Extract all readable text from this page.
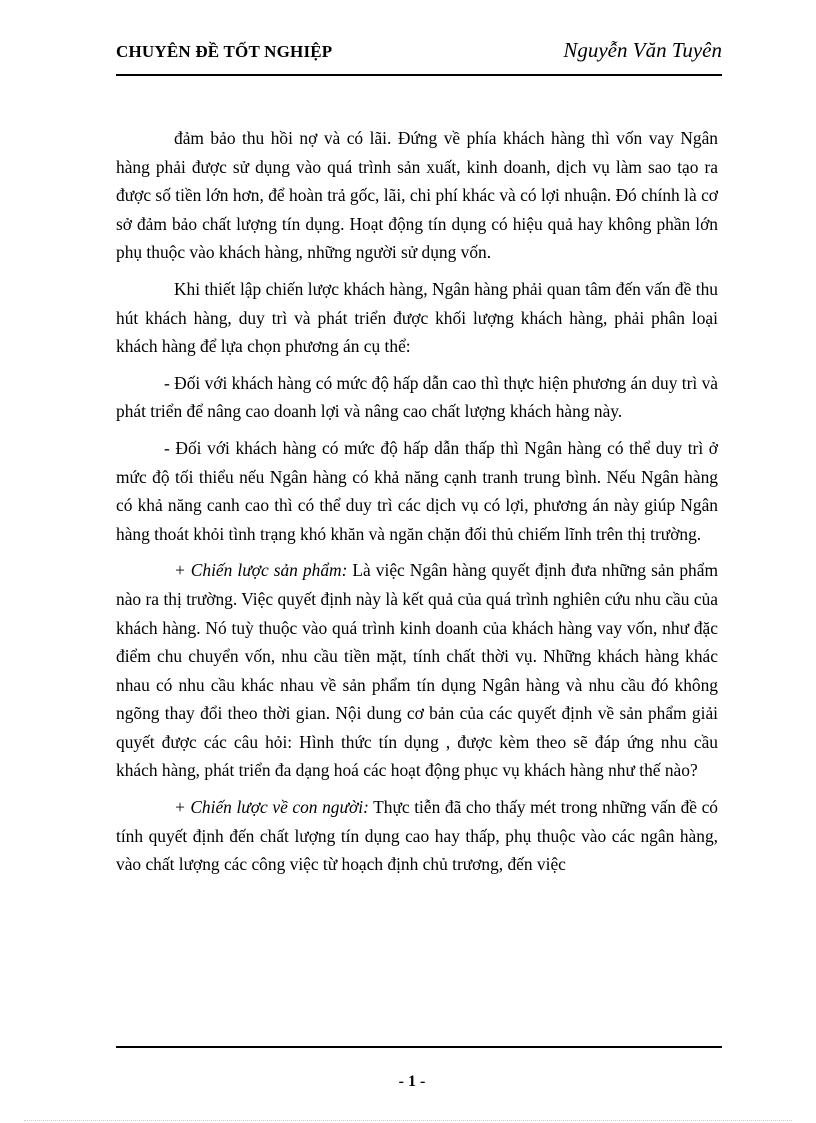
CHUYÊN ĐỀ TỐT NGHIỆP	Nguyễn Văn Tuyên

đảm bảo thu hồi nợ và có lãi. Đứng về phía khách hàng thì vốn vay Ngân hàng phải được sử dụng vào quá trình sản xuất, kinh doanh, dịch vụ làm sao tạo ra được số tiền lớn hơn, để hoàn trả gốc, lãi, chi phí khác và có lợi nhuận. Đó chính là cơ sở đảm bảo chất lượng tín dụng. Hoạt động tín dụng có hiệu quả hay không phần lớn phụ thuộc vào khách hàng, những người sử dụng vốn.

Khi thiết lập chiến lược khách hàng, Ngân hàng phải quan tâm đến vấn đề thu hút khách hàng, duy trì và phát triển được khối lượng khách hàng, phải phân loại khách hàng để lựa chọn phương án cụ thể:

- Đối với khách hàng có mức độ hấp dẫn cao thì thực hiện phương án duy trì và phát triển để nâng cao doanh lợi và nâng cao chất lượng khách hàng này.

- Đối với khách hàng có mức độ hấp dẫn thấp thì Ngân hàng có thể duy trì ở mức độ tối thiểu nếu Ngân hàng có khả năng cạnh tranh trung bình. Nếu Ngân hàng có khả năng canh cao thì có thể duy trì các dịch vụ có lợi, phương án này giúp Ngân hàng thoát khỏi tình trạng khó khăn và ngăn chặn đối thủ chiếm lĩnh trên thị trường.

+ Chiến lược sản phẩm: Là việc Ngân hàng quyết định đưa những sản phẩm nào ra thị trường. Việc quyết định này là kết quả của quá trình nghiên cứu nhu cầu của khách hàng. Nó tuỳ thuộc vào quá trình kinh doanh của khách hàng vay vốn, như đặc điểm chu chuyển vốn, nhu cầu tiền mặt, tính chất thời vụ. Những khách hàng khác nhau có nhu cầu khác nhau về sản phẩm tín dụng Ngân hàng và nhu cầu đó không ngõng thay đổi theo thời gian. Nội dung cơ bản của các quyết định về sản phẩm giải quyết được các câu hỏi: Hình thức tín dụng , được kèm theo sẽ đáp ứng nhu cầu khách hàng, phát triển đa dạng hoá các hoạt động phục vụ khách hàng như thế nào?

+ Chiến lược về con người: Thực tiễn đã cho thấy mét trong những vấn đề có tính quyết định đến chất lượng tín dụng cao hay thấp, phụ thuộc vào các ngân hàng, vào chất lượng các công việc từ hoạch định chủ trương, đến việc

- 1 -
